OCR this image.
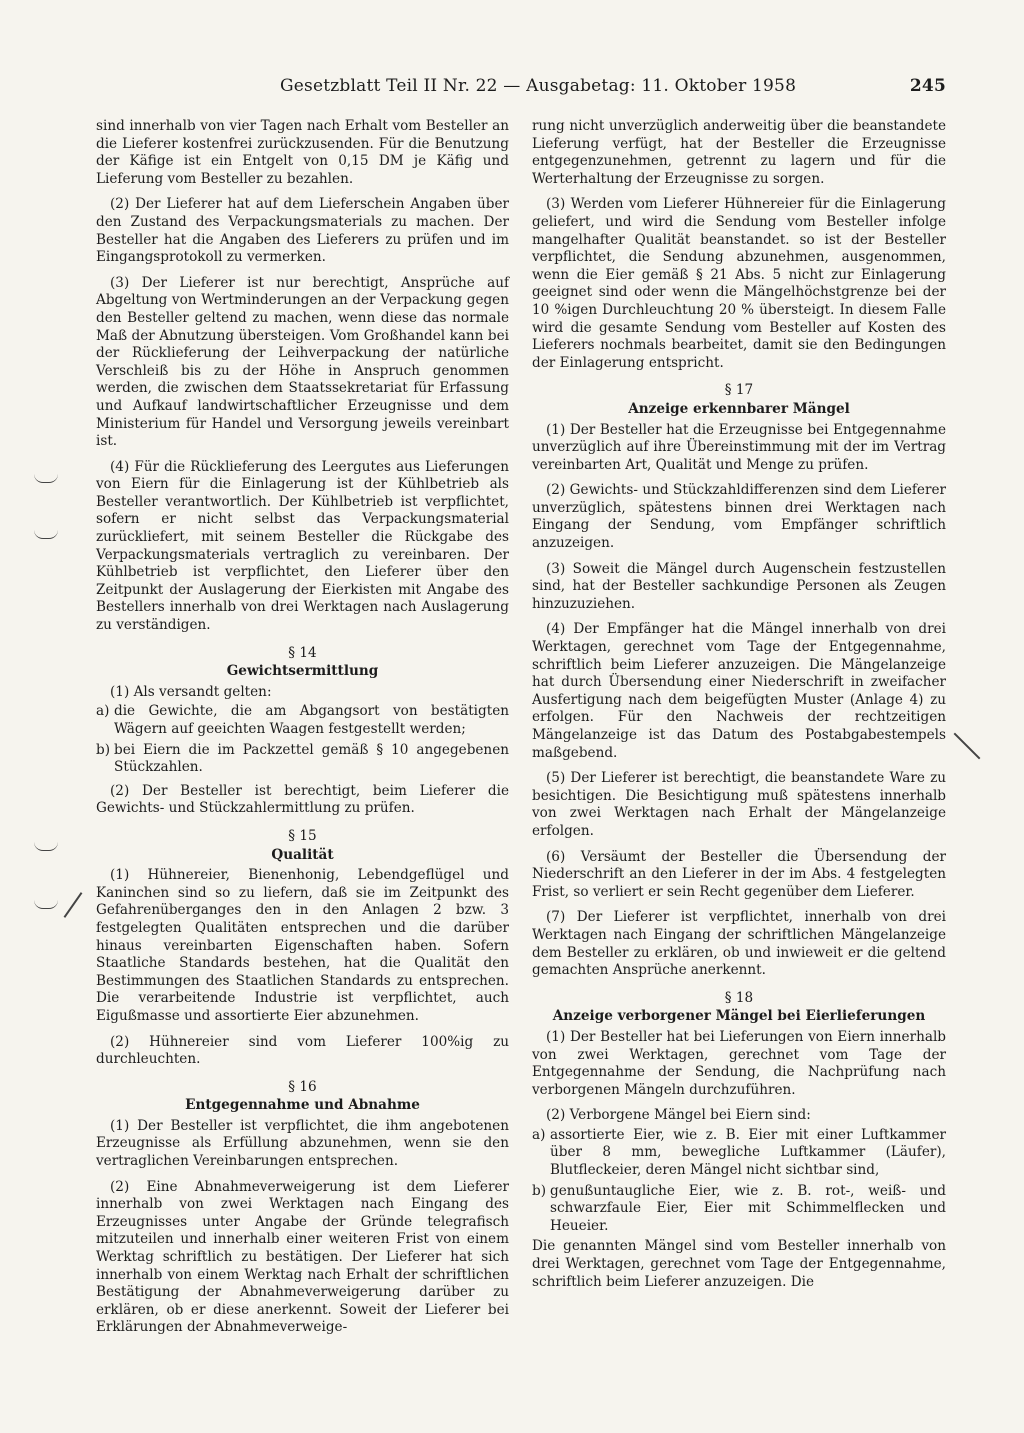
Gesetzblatt Teil II Nr. 22 — Ausgabetag: 11. Oktober 1958	245

sind innerhalb von vier Tagen nach Erhalt vom Besteller an die Lieferer kostenfrei zurückzusenden. Für die Benutzung der Käfige ist ein Entgelt von 0,15 DM je Käfig und Lieferung vom Besteller zu bezahlen.

(2) Der Lieferer hat auf dem Lieferschein Angaben über den Zustand des Verpackungsmaterials zu machen. Der Besteller hat die Angaben des Lieferers zu prüfen und im Eingangsprotokoll zu vermerken.

(3) Der Lieferer ist nur berechtigt, Ansprüche auf Abgeltung von Wertminderungen an der Verpackung gegen den Besteller geltend zu machen, wenn diese das normale Maß der Abnutzung übersteigen. Vom Großhandel kann bei der Rücklieferung der Leihverpackung der natürliche Verschleiß bis zu der Höhe in Anspruch genommen werden, die zwischen dem Staatssekretariat für Erfassung und Aufkauf landwirtschaftlicher Erzeugnisse und dem Ministerium für Handel und Versorgung jeweils vereinbart ist.

(4) Für die Rücklieferung des Leergutes aus Lieferungen von Eiern für die Einlagerung ist der Kühlbetrieb als Besteller verantwortlich. Der Kühlbetrieb ist verpflichtet, sofern er nicht selbst das Verpackungsmaterial zurückliefert, mit seinem Besteller die Rückgabe des Verpackungsmaterials vertraglich zu vereinbaren. Der Kühlbetrieb ist verpflichtet, den Lieferer über den Zeitpunkt der Auslagerung der Eierkisten mit Angabe des Bestellers innerhalb von drei Werktagen nach Auslagerung zu verständigen.

§ 14
Gewichtsermittlung

(1) Als versandt gelten:

a) die Gewichte, die am Abgangsort von bestätigten Wägern auf geeichten Waagen festgestellt werden;

b) bei Eiern die im Packzettel gemäß § 10 angegebenen Stückzahlen.

(2) Der Besteller ist berechtigt, beim Lieferer die Gewichts- und Stückzahlermittlung zu prüfen.

§ 15
Qualität

(1) Hühnereier, Bienenhonig, Lebendgeflügel und Kaninchen sind so zu liefern, daß sie im Zeitpunkt des Gefahrenüberganges den in den Anlagen 2 bzw. 3 festgelegten Qualitäten entsprechen und die darüber hinaus vereinbarten Eigenschaften haben. Sofern Staatliche Standards bestehen, hat die Qualität den Bestimmungen des Staatlichen Standards zu entsprechen. Die verarbeitende Industrie ist verpflichtet, auch Eigußmasse und assortierte Eier abzunehmen.

(2) Hühnereier sind vom Lieferer 100%ig zu durchleuchten.

§ 16
Entgegennahme und Abnahme

(1) Der Besteller ist verpflichtet, die ihm angebotenen Erzeugnisse als Erfüllung abzunehmen, wenn sie den vertraglichen Vereinbarungen entsprechen.

(2) Eine Abnahmeverweigerung ist dem Lieferer innerhalb von zwei Werktagen nach Eingang des Erzeugnisses unter Angabe der Gründe telegrafisch mitzuteilen und innerhalb einer weiteren Frist von einem Werktag schriftlich zu bestätigen. Der Lieferer hat sich innerhalb von einem Werktag nach Erhalt der schriftlichen Bestätigung der Abnahmeverweigerung darüber zu erklären, ob er diese anerkennt. Soweit der Lieferer bei Erklärungen der Abnahmeverweige-

rung nicht unverzüglich anderweitig über die beanstandete Lieferung verfügt, hat der Besteller die Erzeugnisse entgegenzunehmen, getrennt zu lagern und für die Werterhaltung der Erzeugnisse zu sorgen.

(3) Werden vom Lieferer Hühnereier für die Einlagerung geliefert, und wird die Sendung vom Besteller infolge mangelhafter Qualität beanstandet. so ist der Besteller verpflichtet, die Sendung abzunehmen, ausgenommen, wenn die Eier gemäß § 21 Abs. 5 nicht zur Einlagerung geeignet sind oder wenn die Mängelhöchstgrenze bei der 10 %igen Durchleuchtung 20 % übersteigt. In diesem Falle wird die gesamte Sendung vom Besteller auf Kosten des Lieferers nochmals bearbeitet, damit sie den Bedingungen der Einlagerung entspricht.

§ 17
Anzeige erkennbarer Mängel

(1) Der Besteller hat die Erzeugnisse bei Entgegennahme unverzüglich auf ihre Übereinstimmung mit der im Vertrag vereinbarten Art, Qualität und Menge zu prüfen.

(2) Gewichts- und Stückzahldifferenzen sind dem Lieferer unverzüglich, spätestens binnen drei Werktagen nach Eingang der Sendung, vom Empfänger schriftlich anzuzeigen.

(3) Soweit die Mängel durch Augenschein festzustellen sind, hat der Besteller sachkundige Personen als Zeugen hinzuzuziehen.

(4) Der Empfänger hat die Mängel innerhalb von drei Werktagen, gerechnet vom Tage der Entgegennahme, schriftlich beim Lieferer anzuzeigen. Die Mängelanzeige hat durch Übersendung einer Niederschrift in zweifacher Ausfertigung nach dem beigefügten Muster (Anlage 4) zu erfolgen. Für den Nachweis der rechtzeitigen Mängelanzeige ist das Datum des Postabgabestempels maßgebend.

(5) Der Lieferer ist berechtigt, die beanstandete Ware zu besichtigen. Die Besichtigung muß spätestens innerhalb von zwei Werktagen nach Erhalt der Mängelanzeige erfolgen.

(6) Versäumt der Besteller die Übersendung der Niederschrift an den Lieferer in der im Abs. 4 festgelegten Frist, so verliert er sein Recht gegenüber dem Lieferer.

(7) Der Lieferer ist verpflichtet, innerhalb von drei Werktagen nach Eingang der schriftlichen Mängelanzeige dem Besteller zu erklären, ob und inwieweit er die geltend gemachten Ansprüche anerkennt.

§ 18
Anzeige verborgener Mängel bei Eierlieferungen

(1) Der Besteller hat bei Lieferungen von Eiern innerhalb von zwei Werktagen, gerechnet vom Tage der Entgegennahme der Sendung, die Nachprüfung nach verborgenen Mängeln durchzuführen.

(2) Verborgene Mängel bei Eiern sind:

a) assortierte Eier, wie z. B. Eier mit einer Luftkammer über 8 mm, bewegliche Luftkammer (Läufer), Blutfleckeier, deren Mängel nicht sichtbar sind,

b) genußuntaugliche Eier, wie z. B. rot-, weiß- und schwarzfaule Eier, Eier mit Schimmelflecken und Heueier.

Die genannten Mängel sind vom Besteller innerhalb von drei Werktagen, gerechnet vom Tage der Entgegennahme, schriftlich beim Lieferer anzuzeigen. Die
